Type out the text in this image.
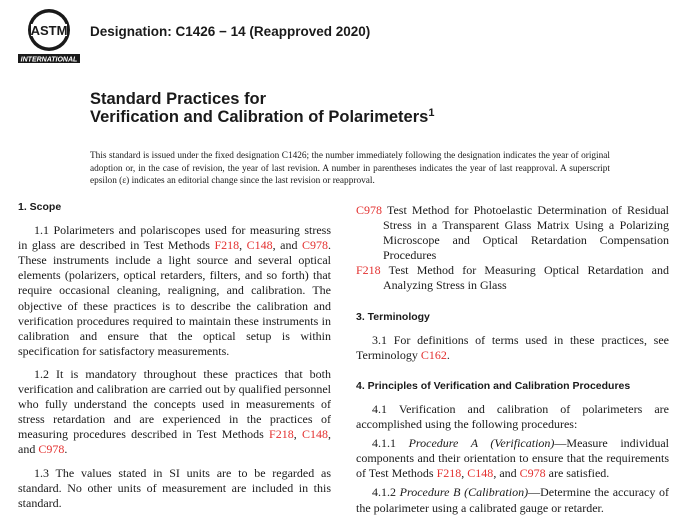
ASTM
INTERNATIONAL
Designation: C1426 − 14 (Reapproved 2020)
Standard Practices for
Verification and Calibration of Polarimeters$^1$
This standard is issued under the fixed designation C1426; the number immediately following the designation indicates the year of original adoption or, in the case of revision, the year of last revision. A number in parentheses indicates the year of last reapproval. A superscript epsilon (ε) indicates an editorial change since the last revision or reapproval.
1. Scope

1.1 Polarimeters and polariscopes used for measuring stress in glass are described in Test Methods F218, C148, and C978. These instruments include a light source and several optical elements (polarizers, optical retarders, filters, and so forth) that require occasional cleaning, realigning, and calibration. The objective of these practices is to describe the calibration and verification procedures required to maintain these instruments in calibration and ensure that the optical setup is within specification for satisfactory measurements.

1.2 It is mandatory throughout these practices that both verification and calibration are carried out by qualified personnel who fully understand the concepts used in measurements of stress retardation and are experienced in the practices of measuring procedures described in Test Methods F218, C148, and C978.

1.3 The values stated in SI units are to be regarded as standard. No other units of measurement are included in this standard.

C978 Test Method for Photoelastic Determination of Residual Stress in a Transparent Glass Matrix Using a Polarizing Microscope and Optical Retardation Compensation Procedures

F218 Test Method for Measuring Optical Retardation and Analyzing Stress in Glass

3. Terminology

3.1 For definitions of terms used in these practices, see Terminology C162.

4. Principles of Verification and Calibration Procedures

4.1 Verification and calibration of polarimeters are accomplished using the following procedures:

4.1.1 Procedure A (Verification)—Measure individual components and their orientation to ensure that the requirements of Test Methods F218, C148, and C978 are satisfied.

4.1.2 Procedure B (Calibration)—Determine the accuracy of the polarimeter using a calibrated gauge or retarder.
